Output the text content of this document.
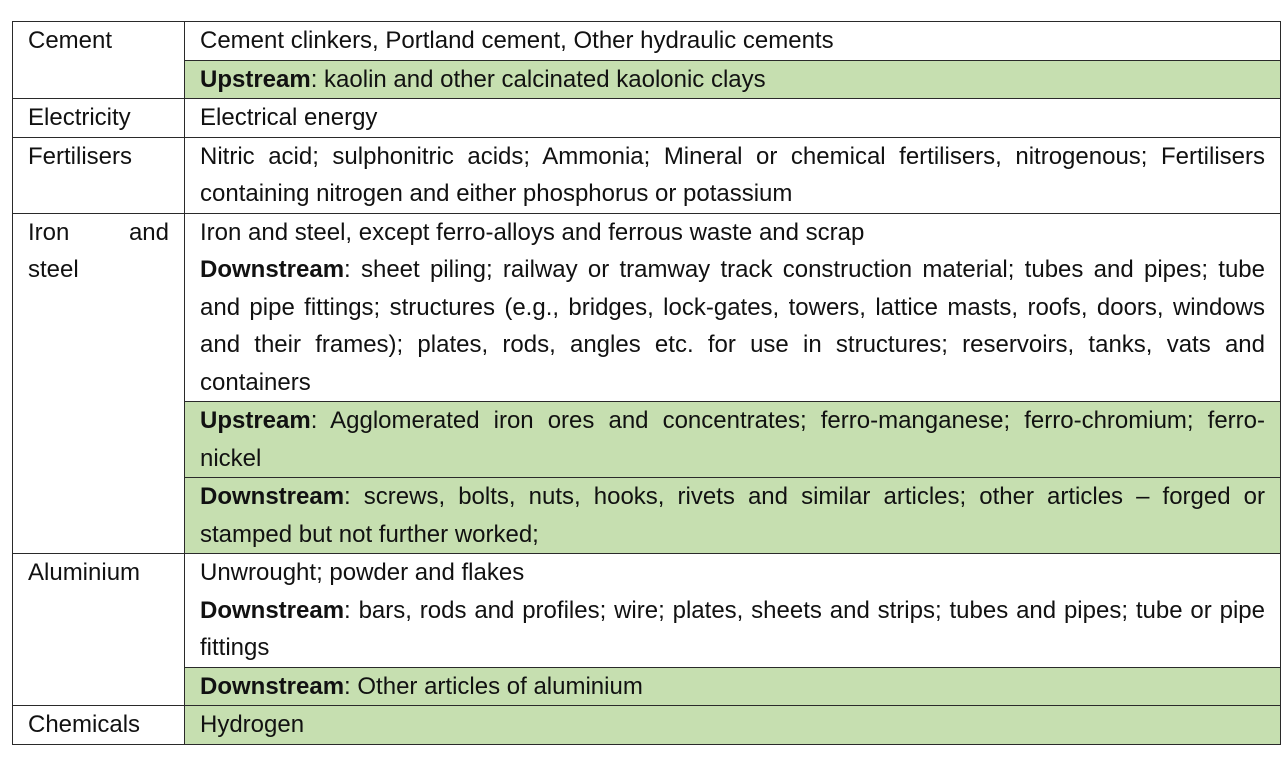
Cement	Cement clinkers, Portland cement, Other hydraulic cements
	Upstream: kaolin and other calcinated kaolonic clays
Electricity	Electrical energy
Fertilisers	Nitric acid; sulphonitric acids; Ammonia; Mineral or chemical fertilisers, nitrogenous; Fertilisers containing nitrogen and either phosphorus or potassium

Iron and steel	Iron and steel, except ferro-alloys and ferrous waste and scrap
Downstream: sheet piling; railway or tramway track construction material; tubes and pipes; tube and pipe fittings; structures (e.g., bridges, lock-gates, towers, lattice masts, roofs, doors, windows and their frames); plates, rods, angles etc. for use in structures; reservoirs, tanks, vats and containers

	Upstream: Agglomerated iron ores and concentrates; ferro-manganese; ferro-chromium; ferro-nickel

	Downstream: screws, bolts, nuts, hooks, rivets and similar articles; other articles – forged or stamped but not further worked;

Aluminium	Unwrought; powder and flakes
Downstream: bars, rods and profiles; wire; plates, sheets and strips; tubes and pipes; tube or pipe fittings

	Downstream: Other articles of aluminium
Chemicals	Hydrogen
